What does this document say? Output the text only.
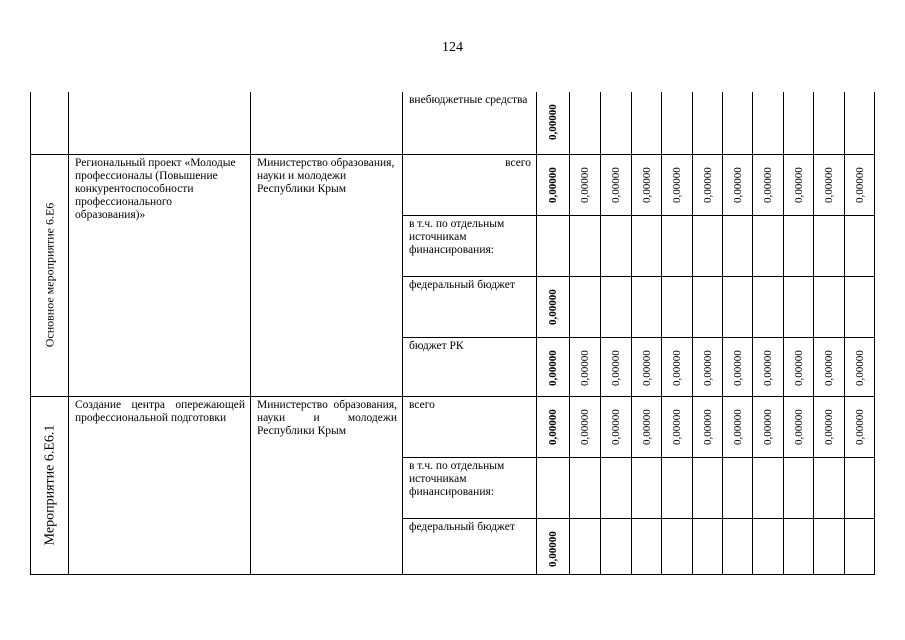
124

			внебюджетные средства	0,00000										

Основное мероприятие 6.Е6	Региональный проект «Молодые профессионалы (Повышение конкурентоспособности профессионального образования)»	Министерство образования, науки и молодежи Республики Крым	всего	0,00000	0,00000	0,00000	0,00000	0,00000	0,00000	0,00000	0,00000	0,00000	0,00000	0,00000

			в т.ч. по отдельным источникам финансирования:											

			федеральный бюджет	0,00000										

			бюджет РК	0,00000	0,00000	0,00000	0,00000	0,00000	0,00000	0,00000	0,00000	0,00000	0,00000	0,00000

Мероприятие 6.Е6.1	Создание центра опережающей профессиональной подготовки	Министерство образования, науки и молодежи Республики Крым	всего	0,00000	0,00000	0,00000	0,00000	0,00000	0,00000	0,00000	0,00000	0,00000	0,00000	0,00000

			в т.ч. по отдельным источникам финансирования:											

			федеральный бюджет	0,00000										
